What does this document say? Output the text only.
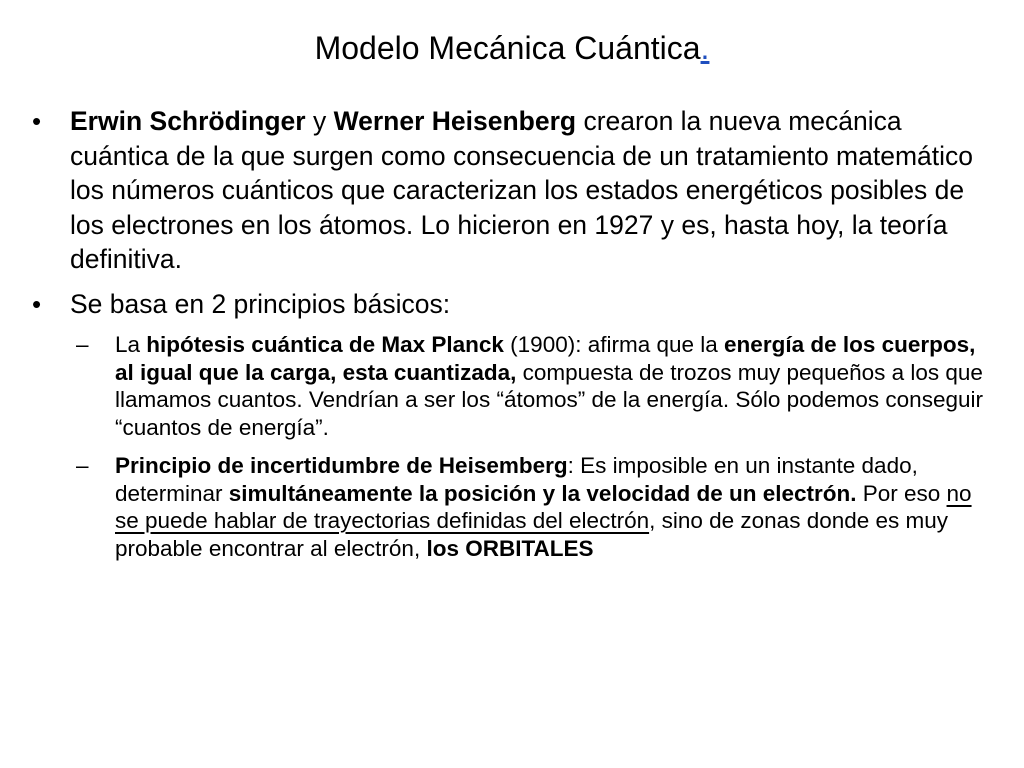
Modelo Mecánica Cuántica.
• Erwin Schrödinger y Werner Heisenberg crearon la nueva mecánica cuántica de la que surgen como consecuencia de un tratamiento matemático los números cuánticos que caracterizan los estados energéticos posibles de los electrones en los átomos. Lo hicieron en 1927 y es, hasta hoy, la teoría definitiva.
• Se basa en 2 principios básicos:
– La hipótesis cuántica de Max Planck (1900): afirma que la energía de los cuerpos, al igual que la carga, esta cuantizada, compuesta de trozos muy pequeños a los que llamamos cuantos. Vendrían a ser los “átomos” de la energía. Sólo podemos conseguir “cuantos de energía”.
– Principio de incertidumbre de Heisemberg: Es imposible en un instante dado, determinar simultáneamente la posición y la velocidad de un electrón. Por eso no se puede hablar de trayectorias definidas del electrón, sino de zonas donde es muy probable encontrar al electrón, los ORBITALES
